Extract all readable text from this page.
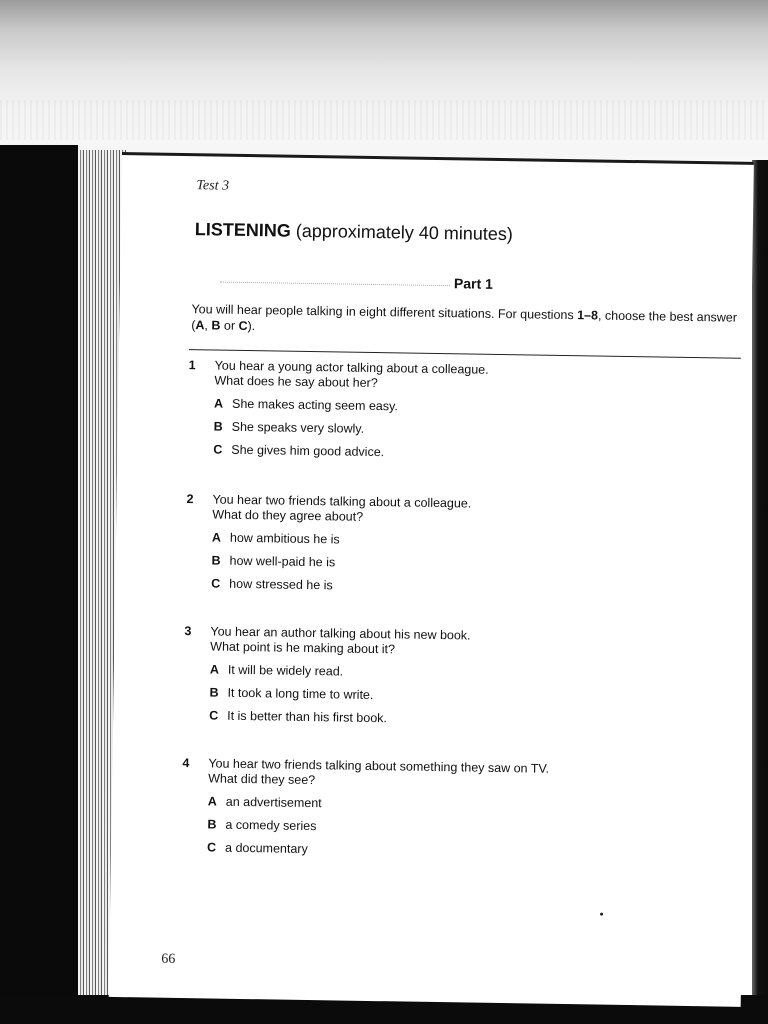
Test 3
LISTENING (approximately 40 minutes)
Part 1
You will hear people talking in eight different situations. For questions 1–8, choose the best answer (A, B or C).
1 You hear a young actor talking about a colleague.
What does he say about her?
A She makes acting seem easy.
B She speaks very slowly.
C She gives him good advice.
2 You hear two friends talking about a colleague.
What do they agree about?
A how ambitious he is
B how well-paid he is
C how stressed he is
3 You hear an author talking about his new book.
What point is he making about it?
A It will be widely read.
B It took a long time to write.
C It is better than his first book.
4 You hear two friends talking about something they saw on TV.
What did they see?
A an advertisement
B a comedy series
C a documentary
66
